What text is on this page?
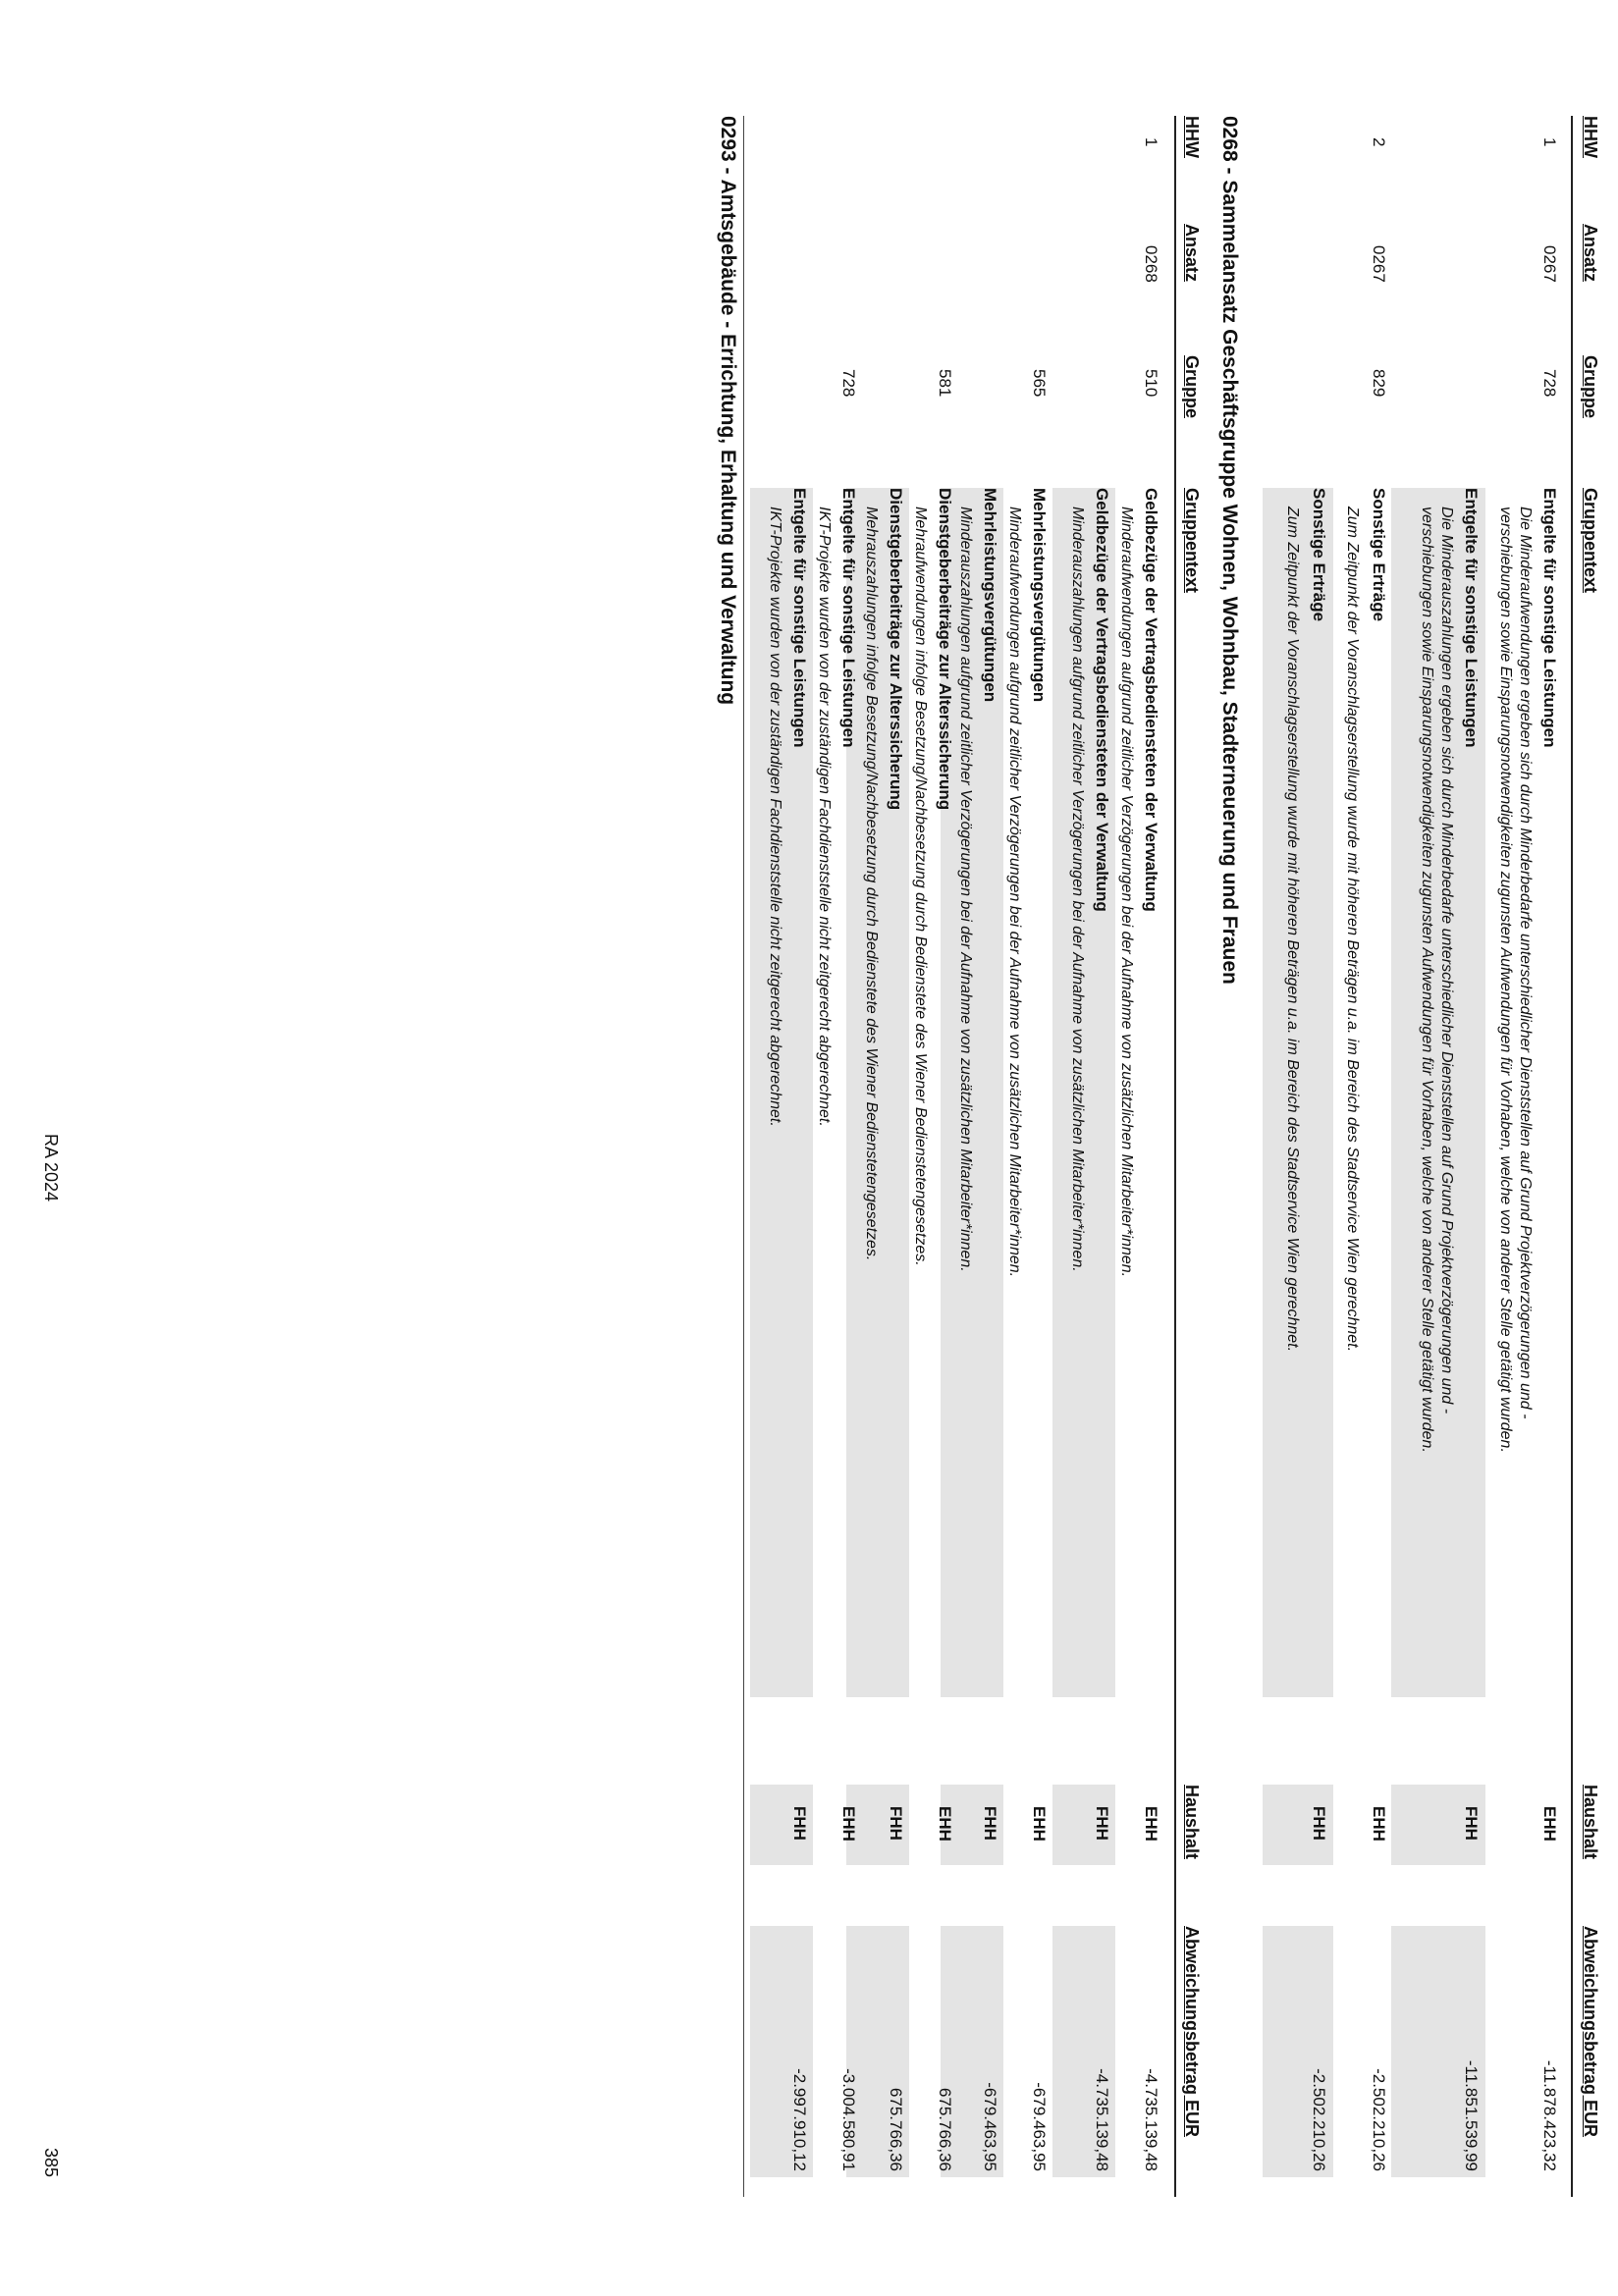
HHW
Ansatz
Gruppe
Gruppentext
Haushalt
Abweichungsbetrag EUR
1
0267
728
Entgelte für sonstige Leistungen
EHH
-11.878.423,32
Die Minderaufwendungen ergeben sich durch Minderbedarfe unterschiedlicher Dienststellen auf Grund Projektverzögerungen und -
verschiebungen sowie Einsparungsnotwendigkeiten zugunsten Aufwendungen für Vorhaben, welche von anderer Stelle getätigt wurden.
Entgelte für sonstige Leistungen
FHH
-11.851.539,99
Die Minderauszahlungen ergeben sich durch Minderbedarfe unterschiedlicher Dienststellen auf Grund Projektverzögerungen und -
verschiebungen sowie Einsparungsnotwendigkeiten zugunsten Aufwendungen für Vorhaben, welche von anderer Stelle getätigt wurden.
2
0267
829
Sonstige Erträge
EHH
-2.502.210,26
Zum Zeitpunkt der Voranschlagserstellung wurde mit höheren Beträgen u.a. im Bereich des Stadtservice Wien gerechnet.
Sonstige Erträge
FHH
-2.502.210,26
Zum Zeitpunkt der Voranschlagserstellung wurde mit höheren Beträgen u.a. im Bereich des Stadtservice Wien gerechnet.
0268 - Sammelansatz Geschäftsgruppe Wohnen, Wohnbau, Stadterneuerung und Frauen
HHW
Ansatz
Gruppe
Gruppentext
Haushalt
Abweichungsbetrag EUR
1
0268
510
Geldbezüge der Vertragsbediensteten der Verwaltung
EHH
-4.735.139,48
Minderaufwendungen aufgrund zeitlicher Verzögerungen bei der Aufnahme von zusätzlichen Mitarbeiter*innen.
Geldbezüge der Vertragsbediensteten der Verwaltung
FHH
-4.735.139,48
Minderauszahlungen aufgrund zeitlicher Verzögerungen bei der Aufnahme von zusätzlichen Mitarbeiter*innen.
565
Mehrleistungsvergütungen
EHH
-679.463,95
Minderaufwendungen aufgrund zeitlicher Verzögerungen bei der Aufnahme von zusätzlichen Mitarbeiter*innen.
Mehrleistungsvergütungen
FHH
-679.463,95
Minderauszahlungen aufgrund zeitlicher Verzögerungen bei der Aufnahme von zusätzlichen Mitarbeiter*innen.
581
Dienstgeberbeiträge zur Alterssicherung
EHH
675.766,36
Mehraufwendungen infolge Besetzung/Nachbesetzung durch Bedienstete des Wiener Bedienstetengesetzes.
Dienstgeberbeiträge zur Alterssicherung
FHH
675.766,36
Mehrauszahlungen infolge Besetzung/Nachbesetzung durch Bedienstete des Wiener Bedienstetengesetzes.
728
Entgelte für sonstige Leistungen
EHH
-3.004.580,91
IKT-Projekte wurden von der zuständigen Fachdienststelle nicht zeitgerecht abgerechnet.
Entgelte für sonstige Leistungen
FHH
-2.997.910,12
IKT-Projekte wurden von der zuständigen Fachdienststelle nicht zeitgerecht abgerechnet.
0293 - Amtsgebäude - Errichtung, Erhaltung und Verwaltung
RA 2024
385
